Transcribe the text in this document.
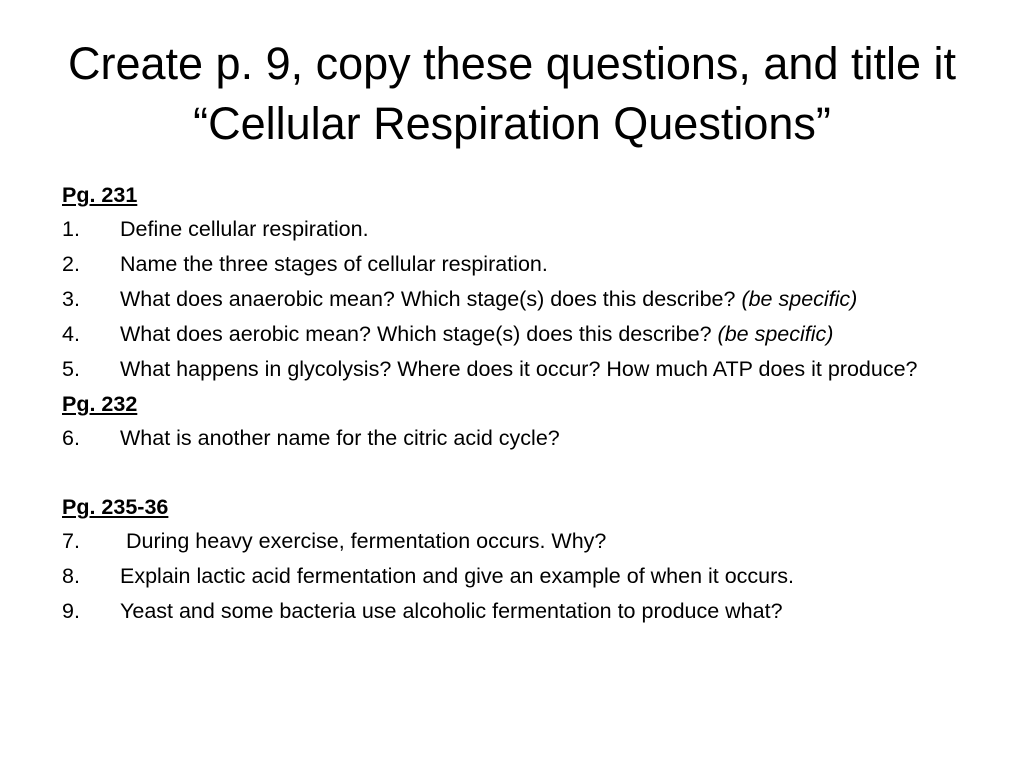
Create p. 9, copy these questions, and title it “Cellular Respiration Questions”
Pg. 231
1. Define cellular respiration.
2. Name the three stages of cellular respiration.
3. What does anaerobic mean? Which stage(s) does this describe? (be specific)
4. What does aerobic mean? Which stage(s) does this describe? (be specific)
5. What happens in glycolysis? Where does it occur? How much ATP does it produce?
Pg. 232
6. What is another name for the citric acid cycle?
Pg. 235-36
7. During heavy exercise, fermentation occurs. Why?
8. Explain lactic acid fermentation and give an example of when it occurs.
9. Yeast and some bacteria use alcoholic fermentation to produce what?
